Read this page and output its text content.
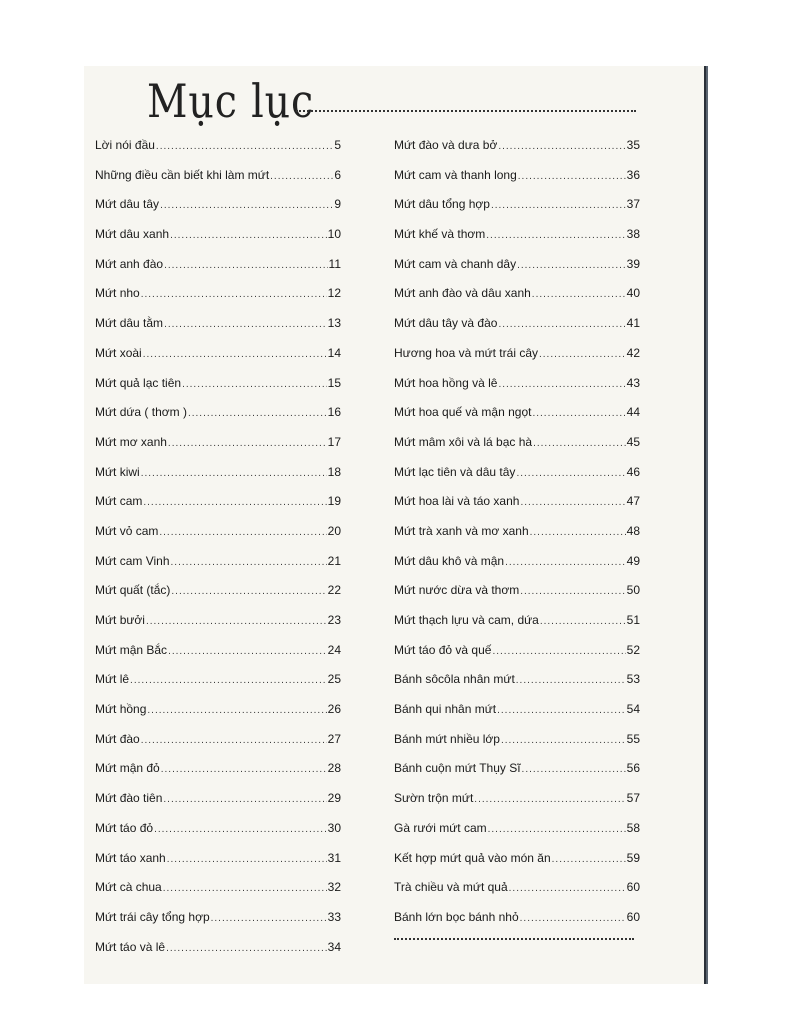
Mục lục
Lời nói đầu .....	5
Những điều cần biết khi làm mứt .....	6
Mứt dâu tây .....	9
Mứt dâu xanh .....	10
Mứt anh đào .....	11
Mứt nho .....	12
Mứt dâu tằm .....	13
Mứt xoài .....	14
Mứt quả lạc tiên .....	15
Mứt dứa ( thơm ) .....	16
Mứt mơ xanh .....	17
Mứt kiwi .....	18
Mứt cam .....	19
Mứt vỏ cam .....	20
Mứt cam Vinh .....	21
Mứt quất (tắc) .....	22
Mứt bưởi .....	23
Mứt mận Bắc .....	24
Mứt lê .....	25
Mứt hồng .....	26
Mứt đào .....	27
Mứt mận đỏ .....	28
Mứt đào tiên .....	29
Mứt táo đỏ .....	30
Mứt táo xanh .....	31
Mứt cà chua .....	32
Mứt trái cây tổng hợp .....	33
Mứt táo và lê .....	34
Mứt đào và dưa bở .....	35
Mứt cam và thanh long .....	36
Mứt dâu tổng hợp .....	37
Mứt khế và thơm .....	38
Mứt cam và chanh dây .....	39
Mứt anh đào và dâu xanh .....	40
Mứt dâu tây và đào .....	41
Hương hoa và mứt trái cây .....	42
Mứt hoa hồng và lê .....	43
Mứt hoa quế và mận ngọt .....	44
Mứt mâm xôi và lá bạc hà .....	45
Mứt lạc tiên và dâu tây .....	46
Mứt hoa lài và táo xanh .....	47
Mứt trà xanh và mơ xanh .....	48
Mứt dâu khô và mận .....	49
Mứt nước dừa và thơm .....	50
Mứt thạch lựu và cam, dứa .....	51
Mứt táo đỏ và quế .....	52
Bánh sôcôla nhân mứt .....	53
Bánh qui nhân mứt .....	54
Bánh mứt nhiều lớp .....	55
Bánh cuộn mứt Thụy Sĩ .....	56
Sườn trộn mứt .....	57
Gà rưới mứt cam .....	58
Kết hợp mứt quả vào món ăn .....	59
Trà chiều và mứt quả .....	60
Bánh lớn bọc bánh nhỏ .....	60
